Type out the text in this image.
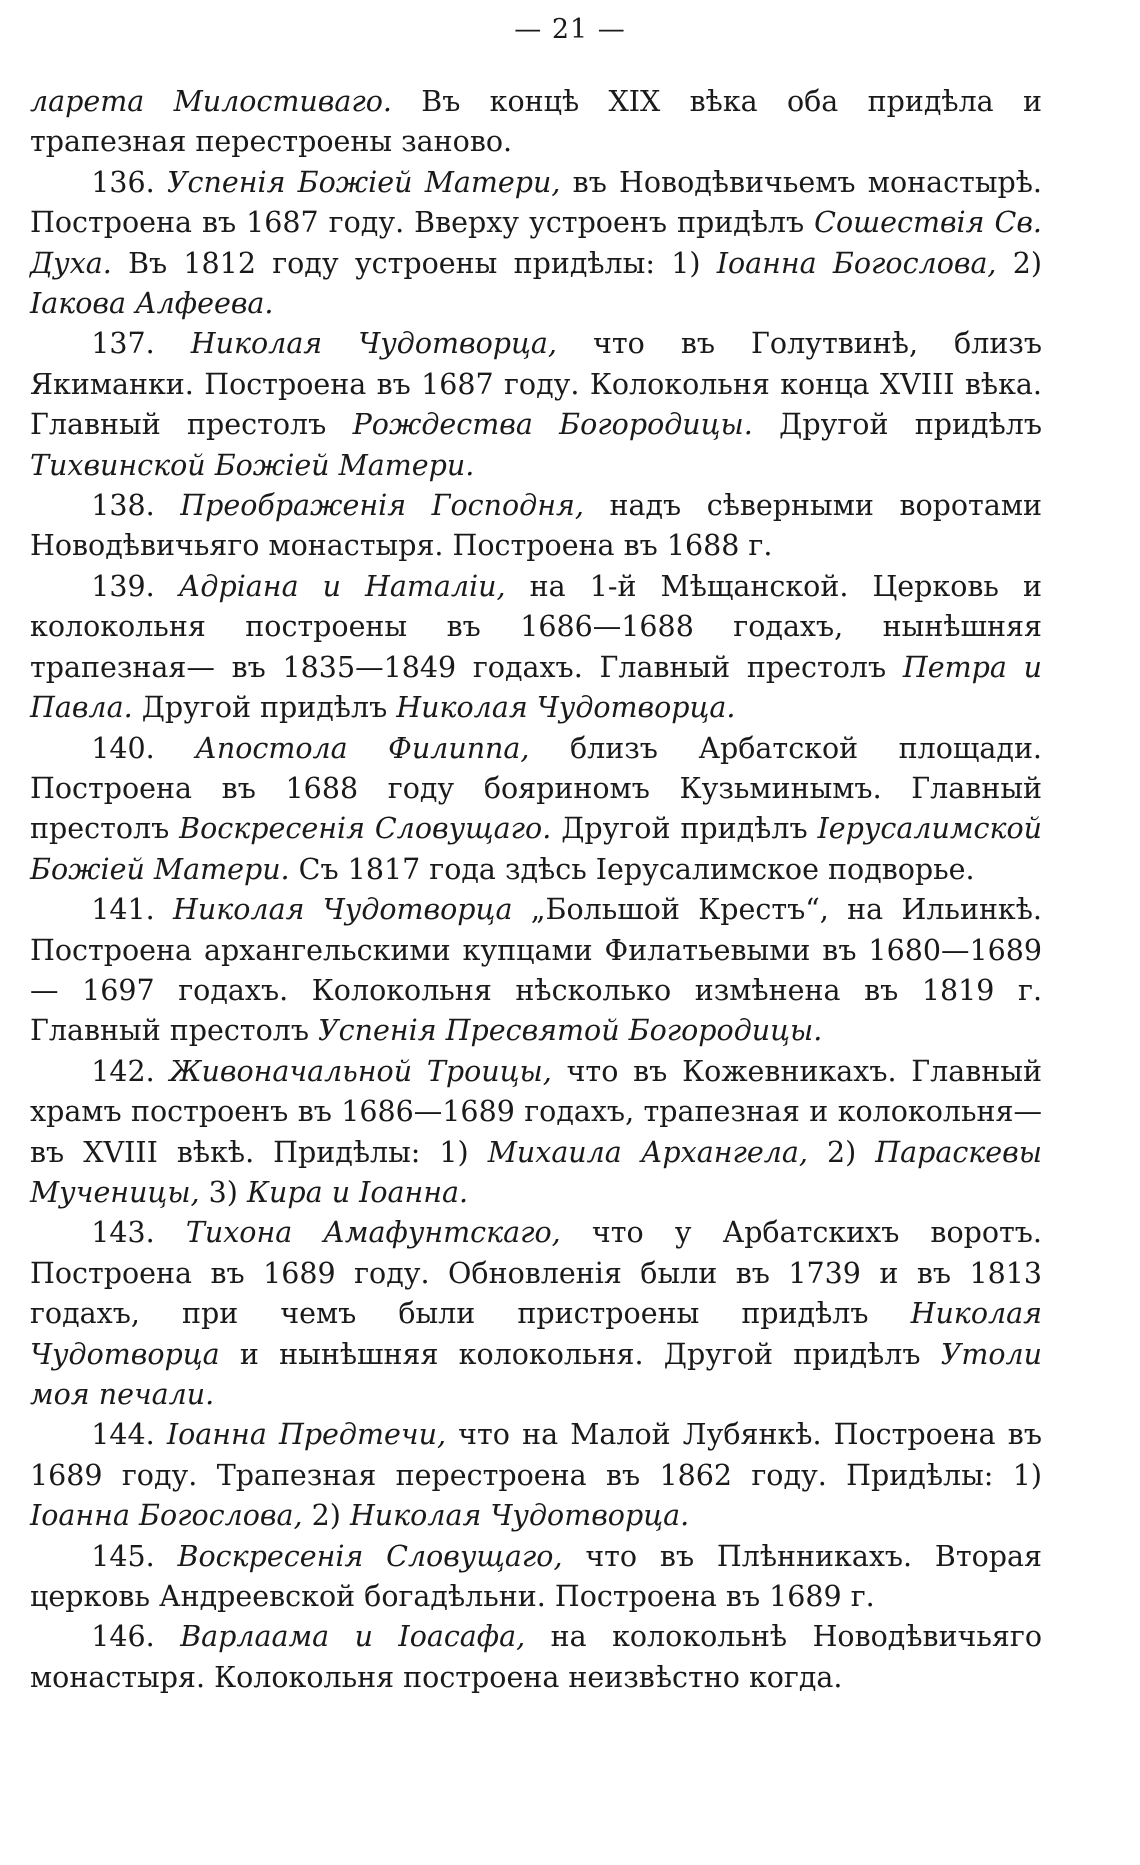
— 21 —

ларета Милостиваго. Въ концѣ XIX вѣка оба придѣла и трапезная перестроены заново.

136. Успенія Божіей Матери, въ Новодѣвичьемъ монастырѣ. Построена въ 1687 году. Вверху устроенъ придѣлъ Сошествія Св. Духа. Въ 1812 году устроены придѣлы: 1) Іоанна Богослова, 2) Іакова Алфеева.

137. Николая Чудотворца, что въ Голутвинѣ, близъ Якиманки. Построена въ 1687 году. Колокольня конца XVIII вѣка. Главный престолъ Рождества Богородицы. Другой придѣлъ Тихвинской Божіей Матери.

138. Преображенія Господня, надъ сѣверными воротами Новодѣвичьяго монастыря. Построена въ 1688 г.

139. Адріана и Наталіи, на 1-й Мѣщанской. Церковь и колокольня построены въ 1686—1688 годахъ, нынѣшняя трапезная— въ 1835—1849 годахъ. Главный престолъ Петра и Павла. Другой придѣлъ Николая Чудотворца.

140. Апостола Филиппа, близъ Арбатской площади. Построена въ 1688 году бояриномъ Кузьминымъ. Главный престолъ Воскресенія Словущаго. Другой придѣлъ Іерусалимской Божіей Матери. Съ 1817 года здѣсь Іерусалимское подворье.

141. Николая Чудотворца „Большой Крестъ“, на Ильинкѣ. Построена архангельскими купцами Филатьевыми въ 1680—1689— 1697 годахъ. Колокольня нѣсколько измѣнена въ 1819 г. Главный престолъ Успенія Пресвятой Богородицы.

142. Живоначальной Троицы, что въ Кожевникахъ. Главный храмъ построенъ въ 1686—1689 годахъ, трапезная и колокольня— въ XVIII вѣкѣ. Придѣлы: 1) Михаила Архангела, 2) Параскевы Мученицы, 3) Кира и Іоанна.

143. Тихона Амафунтскаго, что у Арбатскихъ воротъ. Построена въ 1689 году. Обновленія были въ 1739 и въ 1813 годахъ, при чемъ были пристроены придѣлъ Николая Чудотворца и нынѣшняя колокольня. Другой придѣлъ Утоли моя печали.

144. Іоанна Предтечи, что на Малой Лубянкѣ. Построена въ 1689 году. Трапезная перестроена въ 1862 году. Придѣлы: 1) Іоанна Богослова, 2) Николая Чудотворца.

145. Воскресенія Словущаго, что въ Плѣнникахъ. Вторая церковь Андреевской богадѣльни. Построена въ 1689 г.

146. Варлаама и Іоасафа, на колокольнѣ Новодѣвичьяго монастыря. Колокольня построена неизвѣстно когда.
